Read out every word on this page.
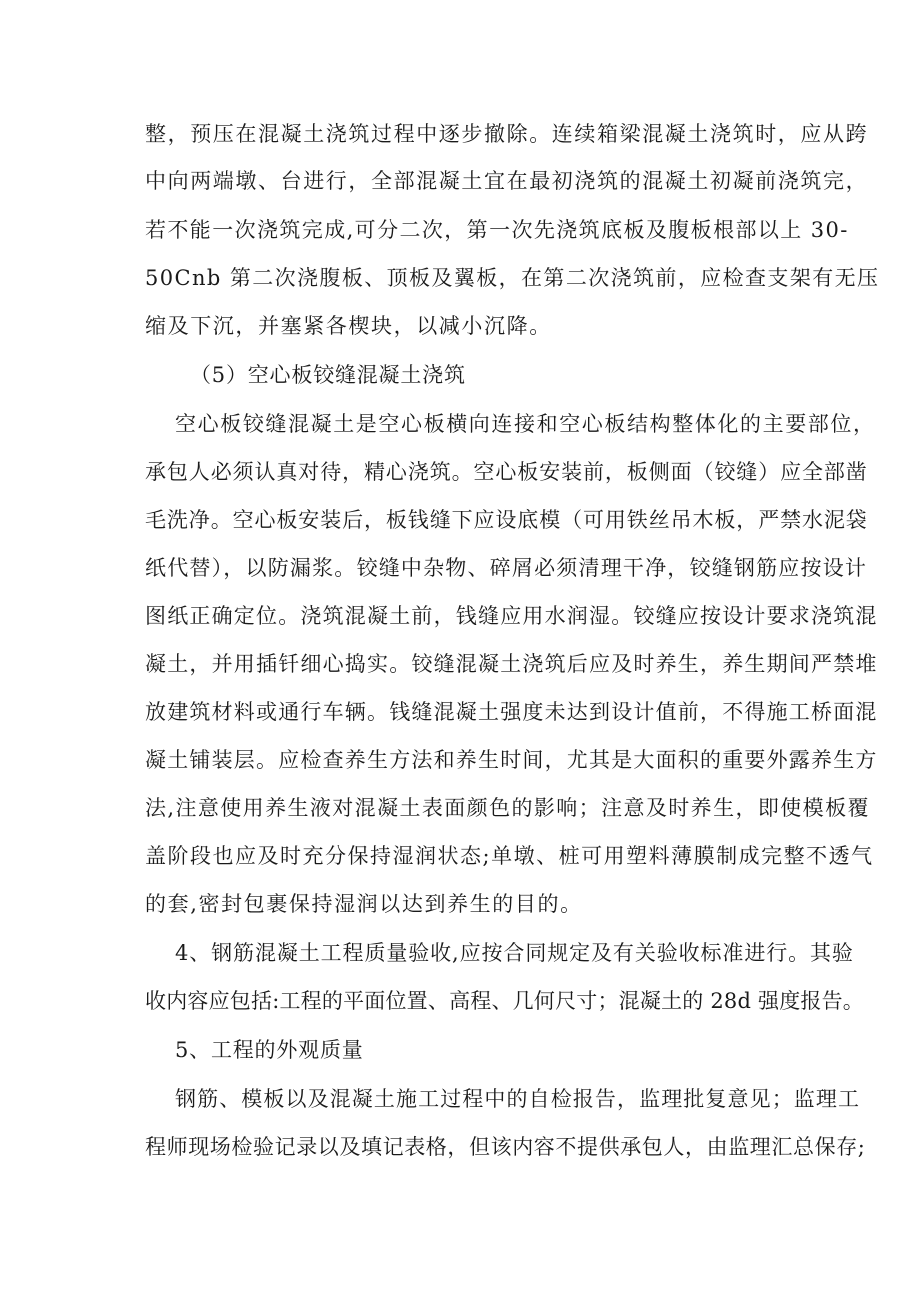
整，预压在混凝土浇筑过程中逐步撤除。连续箱梁混凝土浇筑时，应从跨
中向两端墩、台进行，全部混凝土宜在最初浇筑的混凝土初凝前浇筑完，
若不能一次浇筑完成,可分二次，第一次先浇筑底板及腹板根部以上 30-
50Cnb 第二次浇腹板、顶板及翼板，在第二次浇筑前，应检查支架有无压
缩及下沉，并塞紧各楔块，以减小沉降。
（5）空心板铰缝混凝土浇筑
空心板铰缝混凝土是空心板横向连接和空心板结构整体化的主要部位，
承包人必须认真对待，精心浇筑。空心板安装前，板侧面（铰缝）应全部凿
毛洗净。空心板安装后，板钱缝下应设底模（可用铁丝吊木板，严禁水泥袋
纸代替），以防漏浆。铰缝中杂物、碎屑必须清理干净，铰缝钢筋应按设计
图纸正确定位。浇筑混凝土前，钱缝应用水润湿。铰缝应按设计要求浇筑混
凝土，并用插钎细心捣实。铰缝混凝土浇筑后应及时养生，养生期间严禁堆
放建筑材料或通行车辆。钱缝混凝土强度未达到设计值前，不得施工桥面混
凝土铺装层。应检查养生方法和养生时间，尤其是大面积的重要外露养生方
法,注意使用养生液对混凝土表面颜色的影响；注意及时养生，即使模板覆
盖阶段也应及时充分保持湿润状态;单墩、桩可用塑料薄膜制成完整不透气
的套,密封包裹保持湿润以达到养生的目的。
4、钢筋混凝土工程质量验收,应按合同规定及有关验收标准进行。其验
收内容应包括:工程的平面位置、高程、几何尺寸；混凝土的 28d 强度报告。
5、工程的外观质量
钢筋、模板以及混凝土施工过程中的自检报告，监理批复意见；监理工
程师现场检验记录以及填记表格，但该内容不提供承包人，由监理汇总保存;
